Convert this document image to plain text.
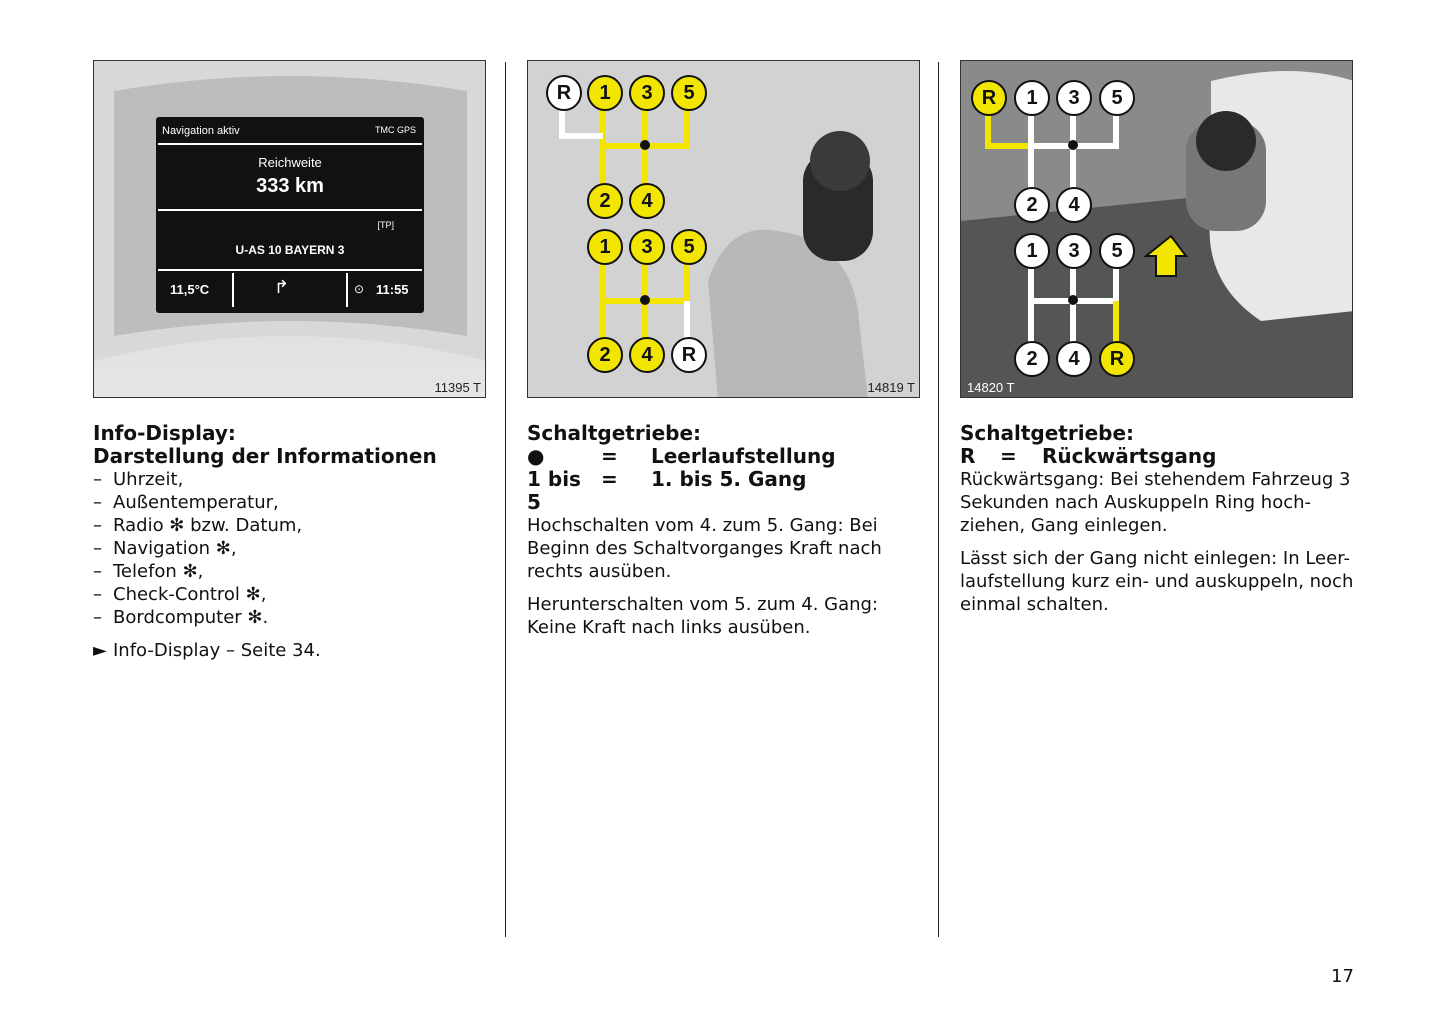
Navigation aktiv	TMC GPS
Reichweite
333 km
[TP]
U-AS 10 BAYERN 3
11,5°C	↱	⊙ 11:55
11395 T
Info-Display:
Darstellung der Informationen
– Uhrzeit,
– Außentemperatur,
– Radio ✻ bzw. Datum,
– Navigation ✻,
– Telefon ✻,
– Check-Control ✻,
– Bordcomputer ✻.
► Info-Display – Seite 34.
R	1	3	5
2	4
1	3	5
2	4	R
14819 T
Schaltgetriebe:
●	=	Leerlaufstellung
1 bis 5
=	1. bis 5. Gang
Hochschalten vom 4. zum 5. Gang: Bei Beginn des Schaltvorganges Kraft nach rechts ausüben.
Herunterschalten vom 5. zum 4. Gang: Keine Kraft nach links ausüben.
R	1	3	5
2	4
1	3	5
2	4	R
14820 T
Schaltgetriebe:
R	=	Rückwärtsgang
Rückwärtsgang: Bei stehendem Fahrzeug 3 Sekunden nach Auskuppeln Ring hoch-ziehen, Gang einlegen.
Lässt sich der Gang nicht einlegen: In Leer-laufstellung kurz ein- und auskuppeln, noch einmal schalten.
17
